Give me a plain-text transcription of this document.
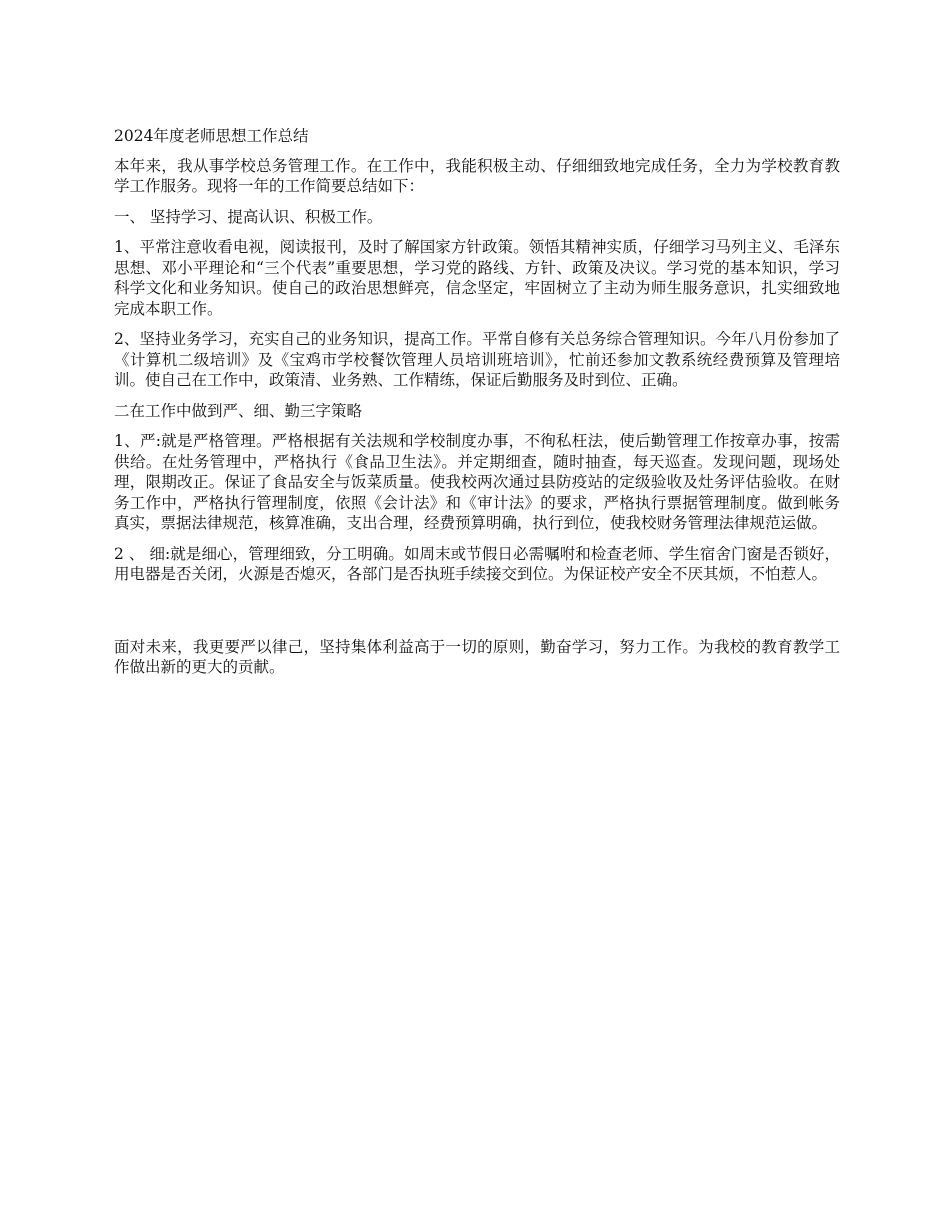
2024年度老师思想工作总结

本年来，我从事学校总务管理工作。在工作中，我能积极主动、仔细细致地完成任务，全力为学校教育教学工作服务。现将一年的工作简要总结如下：

一、 坚持学习、提高认识、积极工作。

1、平常注意收看电视，阅读报刊，及时了解国家方针政策。领悟其精神实质，仔细学习马列主义、毛泽东思想、邓小平理论和“三个代表”重要思想，学习党的路线、方针、政策及决议。学习党的基本知识，学习科学文化和业务知识。使自己的政治思想鲜亮，信念坚定，牢固树立了主动为师生服务意识，扎实细致地完成本职工作。

2、坚持业务学习，充实自己的业务知识，提高工作。平常自修有关总务综合管理知识。今年八月份参加了《计算机二级培训》及《宝鸡市学校餐饮管理人员培训班培训》，忙前还参加文教系统经费预算及管理培训。使自己在工作中，政策清、业务熟、工作精练，保证后勤服务及时到位、正确。

二在工作中做到严、细、勤三字策略

1、严:就是严格管理。严格根据有关法规和学校制度办事，不徇私枉法，使后勤管理工作按章办事，按需供给。在灶务管理中，严格执行《食品卫生法》。并定期细查，随时抽查，每天巡查。发现问题，现场处理，限期改正。保证了食品安全与饭菜质量。使我校两次通过县防疫站的定级验收及灶务评估验收。在财务工作中，严格执行管理制度，依照《会计法》和《审计法》的要求，严格执行票据管理制度。做到帐务真实，票据法律规范，核算准确，支出合理，经费预算明确，执行到位，使我校财务管理法律规范运做。

2 、 细:就是细心，管理细致，分工明确。如周末或节假日必需嘱咐和检查老师、学生宿舍门窗是否锁好，用电器是否关闭，火源是否熄灭，各部门是否执班手续接交到位。为保证校产安全不厌其烦，不怕惹人。

面对未来，我更要严以律己，坚持集体利益高于一切的原则，勤奋学习，努力工作。为我校的教育教学工作做出新的更大的贡献。
